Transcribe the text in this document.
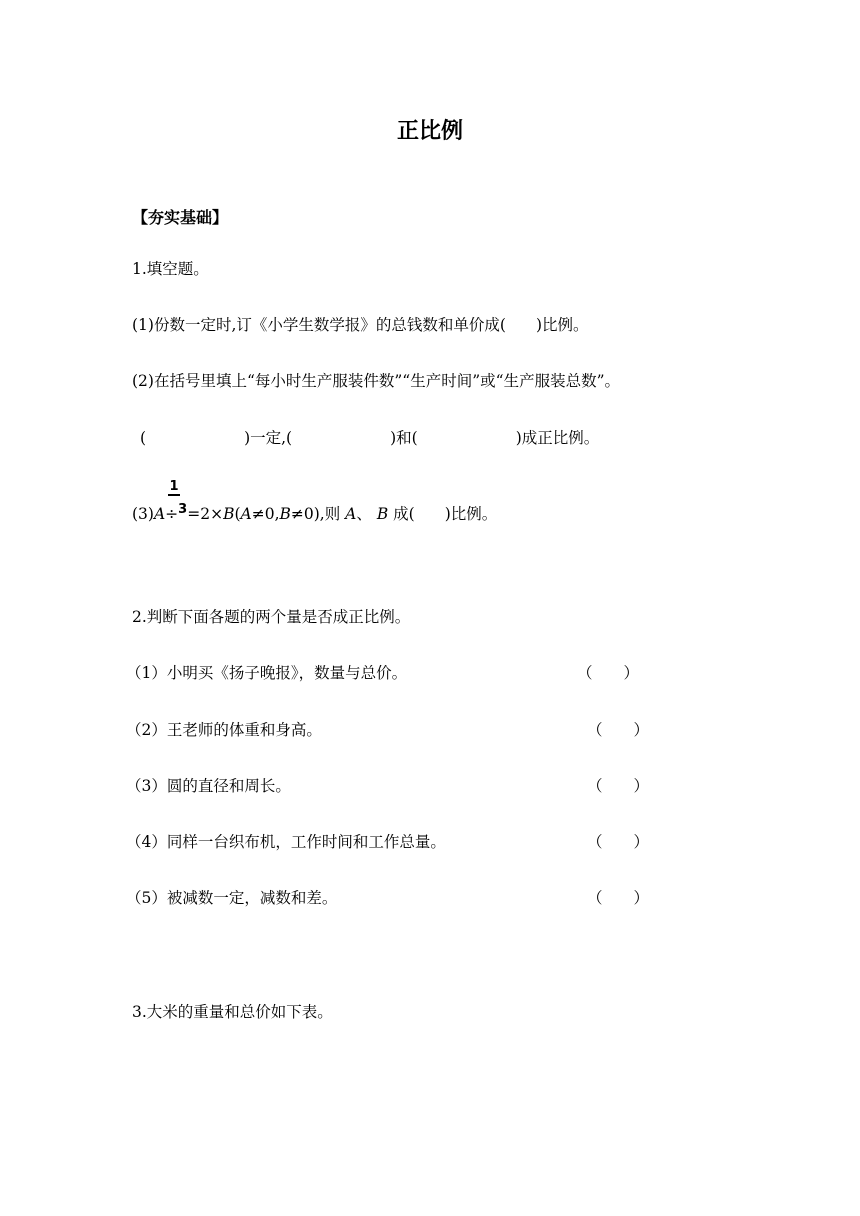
正比例
【夯实基础】
1.填空题。
(1)份数一定时,订《小学生数学报》的总钱数和单价成( )比例。
(2)在括号里填上“每小时生产服装件数”“生产时间”或“生产服装总数”。
(	)一定,(	)和(	)成正比例。
1
(3)A÷$^3$=2×B(A≠0,B≠0),则 A、 B 成( )比例。
2.判断下面各题的两个量是否成正比例。
（1）小明买《扬子晚报》，数量与总价。	（　　）
（2）王老师的体重和身高。	（　　）
（3）圆的直径和周长。	（　　）
（4）同样一台织布机，工作时间和工作总量。	（　　）
（5）被减数一定，减数和差。	（　　）
3.大米的重量和总价如下表。
